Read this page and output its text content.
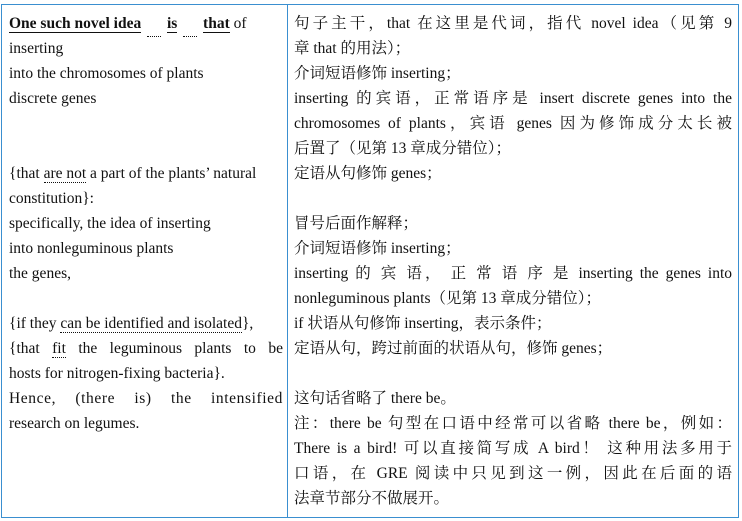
One such novel idea is that of
inserting
into the chromosomes of plants
discrete genes
{that are not a part of the plants’ natural
constitution}:
specifically, the idea of inserting
into nonleguminous plants
the genes,
{if they can be identified and isolated},
{that fit the leguminous plants to be
hosts for nitrogen-fixing bacteria}.
Hence, (there is) the intensified
research on legumes.
句子主干，that 在这里是代词，指代 novel idea（见第 9
章 that 的用法）；
介词短语修饰 inserting；
inserting 的宾语，正常语序是 insert discrete genes into the
chromosomes of plants，宾语 genes 因为修饰成分太长被
后置了（见第 13 章成分错位）；
定语从句修饰 genes；
冒号后面作解释；
介词短语修饰 inserting；
inserting 的 宾 语， 正 常 语 序 是 inserting the genes into
nonleguminous plants（见第 13 章成分错位）；
if 状语从句修饰 inserting，表示条件；
定语从句，跨过前面的状语从句，修饰 genes；
这句话省略了 there be。
注：there be 句型在口语中经常可以省略 there be，例如：
There is a bird! 可以直接简写成 A bird！ 这种用法多用于
口语，在 GRE 阅读中只见到这一例，因此在后面的语
法章节部分不做展开。
